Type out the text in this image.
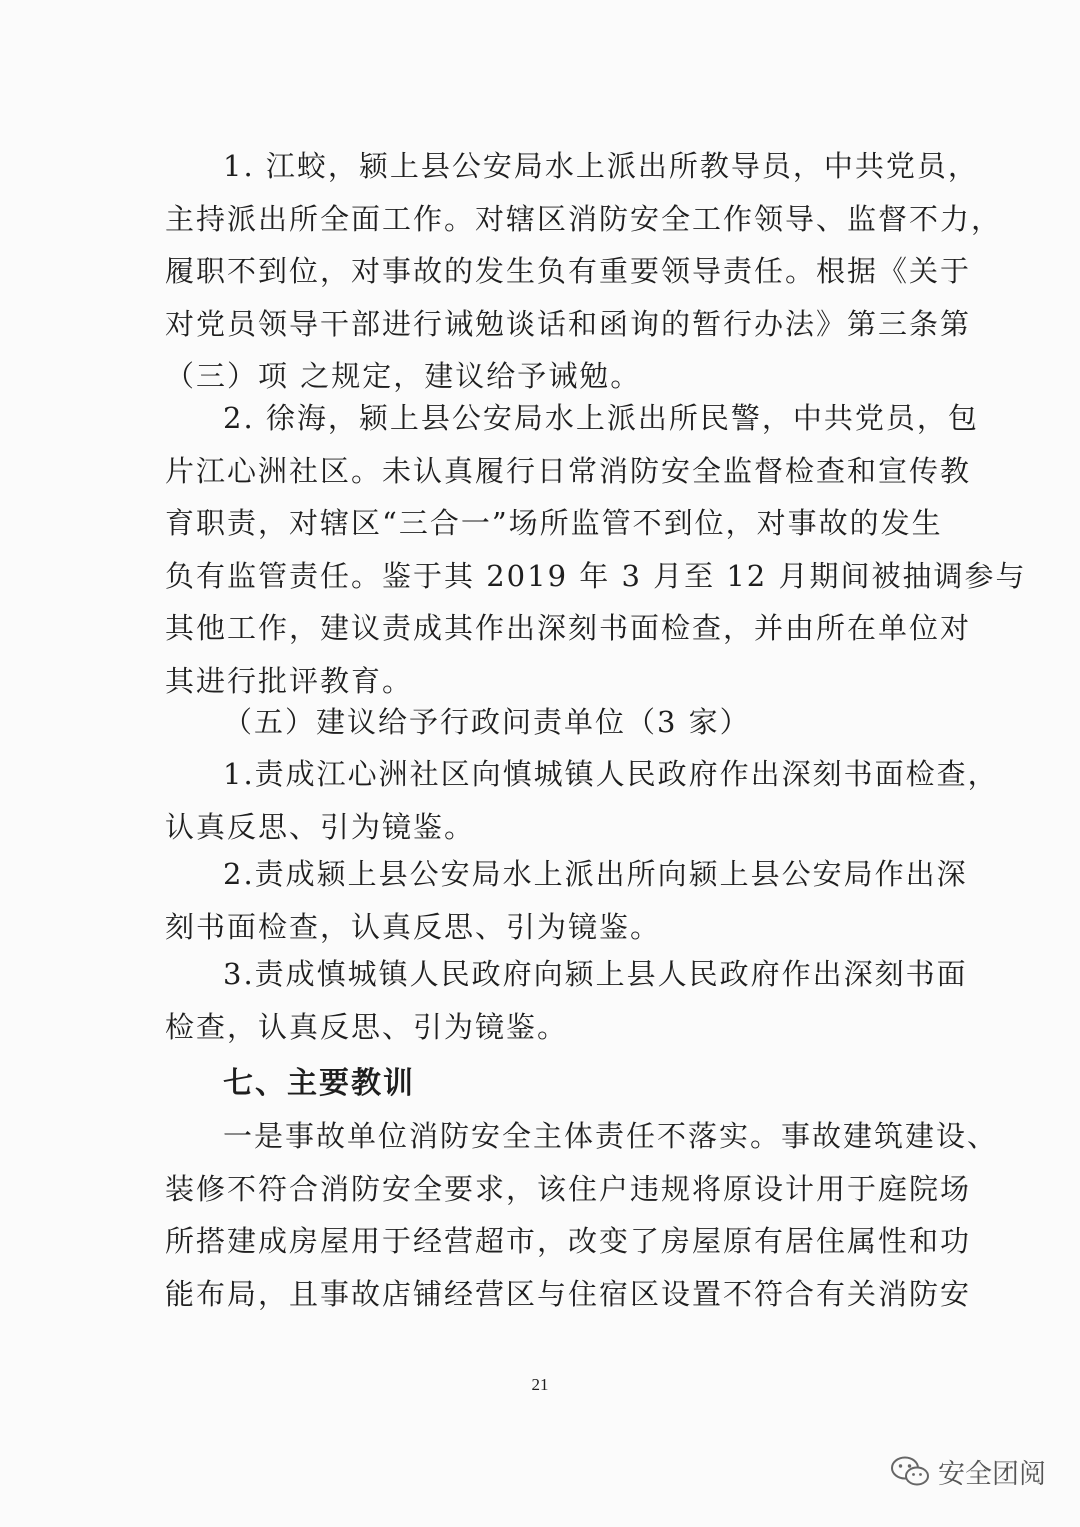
1. 江蛟，颍上县公安局水上派出所教导员，中共党员，
主持派出所全面工作。对辖区消防安全工作领导、监督不力，
履职不到位，对事故的发生负有重要领导责任。根据《关于
对党员领导干部进行诫勉谈话和函询的暂行办法》第三条第
（三）项 之规定，建议给予诫勉。

2. 徐海，颍上县公安局水上派出所民警，中共党员，包
片江心洲社区。未认真履行日常消防安全监督检查和宣传教
育职责，对辖区“三合一”场所监管不到位，对事故的发生
负有监管责任。鉴于其 2019 年 3 月至 12 月期间被抽调参与
其他工作，建议责成其作出深刻书面检查，并由所在单位对
其进行批评教育。

（五）建议给予行政问责单位（3 家）

1.责成江心洲社区向慎城镇人民政府作出深刻书面检查，
认真反思、引为镜鉴。

2.责成颍上县公安局水上派出所向颍上县公安局作出深
刻书面检查，认真反思、引为镜鉴。

3.责成慎城镇人民政府向颍上县人民政府作出深刻书面
检查，认真反思、引为镜鉴。

七、主要教训

一是事故单位消防安全主体责任不落实。事故建筑建设、
装修不符合消防安全要求，该住户违规将原设计用于庭院场
所搭建成房屋用于经营超市，改变了房屋原有居住属性和功
能布局，且事故店铺经营区与住宿区设置不符合有关消防安

21
安全团阅
